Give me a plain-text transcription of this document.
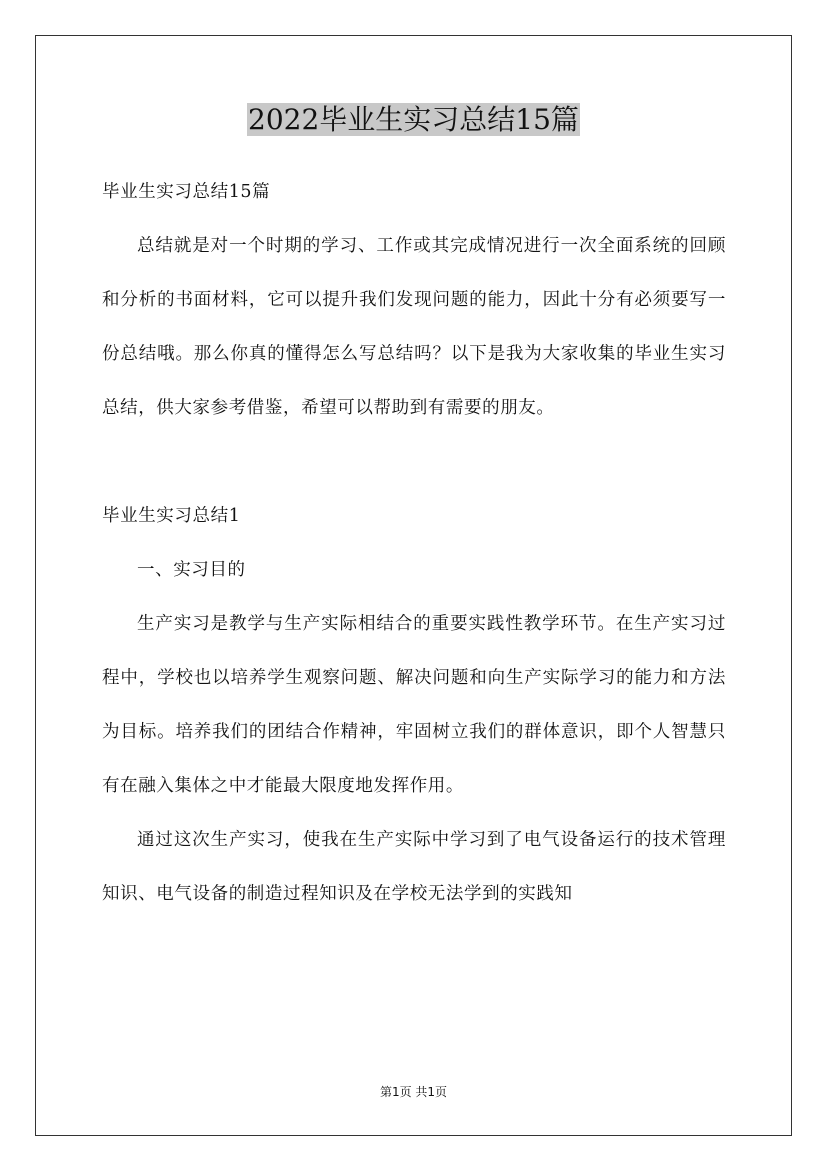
2022毕业生实习总结15篇

毕业生实习总结15篇

总结就是对一个时期的学习、工作或其完成情况进行一次全面系统的回顾和分析的书面材料，它可以提升我们发现问题的能力，因此十分有必须要写一份总结哦。那么你真的懂得怎么写总结吗？以下是我为大家收集的毕业生实习总结，供大家参考借鉴，希望可以帮助到有需要的朋友。

毕业生实习总结1

一、实习目的

生产实习是教学与生产实际相结合的重要实践性教学环节。在生产实习过程中，学校也以培养学生观察问题、解决问题和向生产实际学习的能力和方法为目标。培养我们的团结合作精神，牢固树立我们的群体意识，即个人智慧只有在融入集体之中才能最大限度地发挥作用。

通过这次生产实习，使我在生产实际中学习到了电气设备运行的技术管理知识、电气设备的制造过程知识及在学校无法学到的实践知

第1页 共1页
